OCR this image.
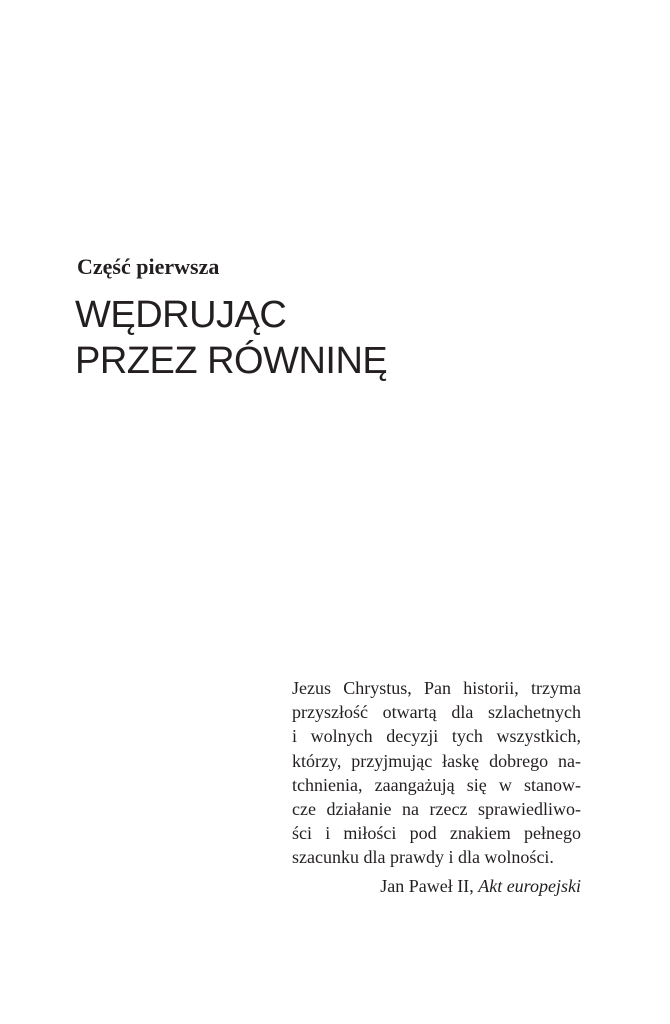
Część pierwsza
WĘDRUJĄC
PRZEZ RÓWNINĘ
Jezus Chrystus, Pan historii, trzyma
przyszłość otwartą dla szlachetnych
i wolnych decyzji tych wszystkich,
którzy, przyjmując łaskę dobrego na-
tchnienia, zaangażują się w stanow-
cze działanie na rzecz sprawiedliwo-
ści i miłości pod znakiem pełnego
szacunku dla prawdy i dla wolności.
Jan Paweł II, Akt europejski
